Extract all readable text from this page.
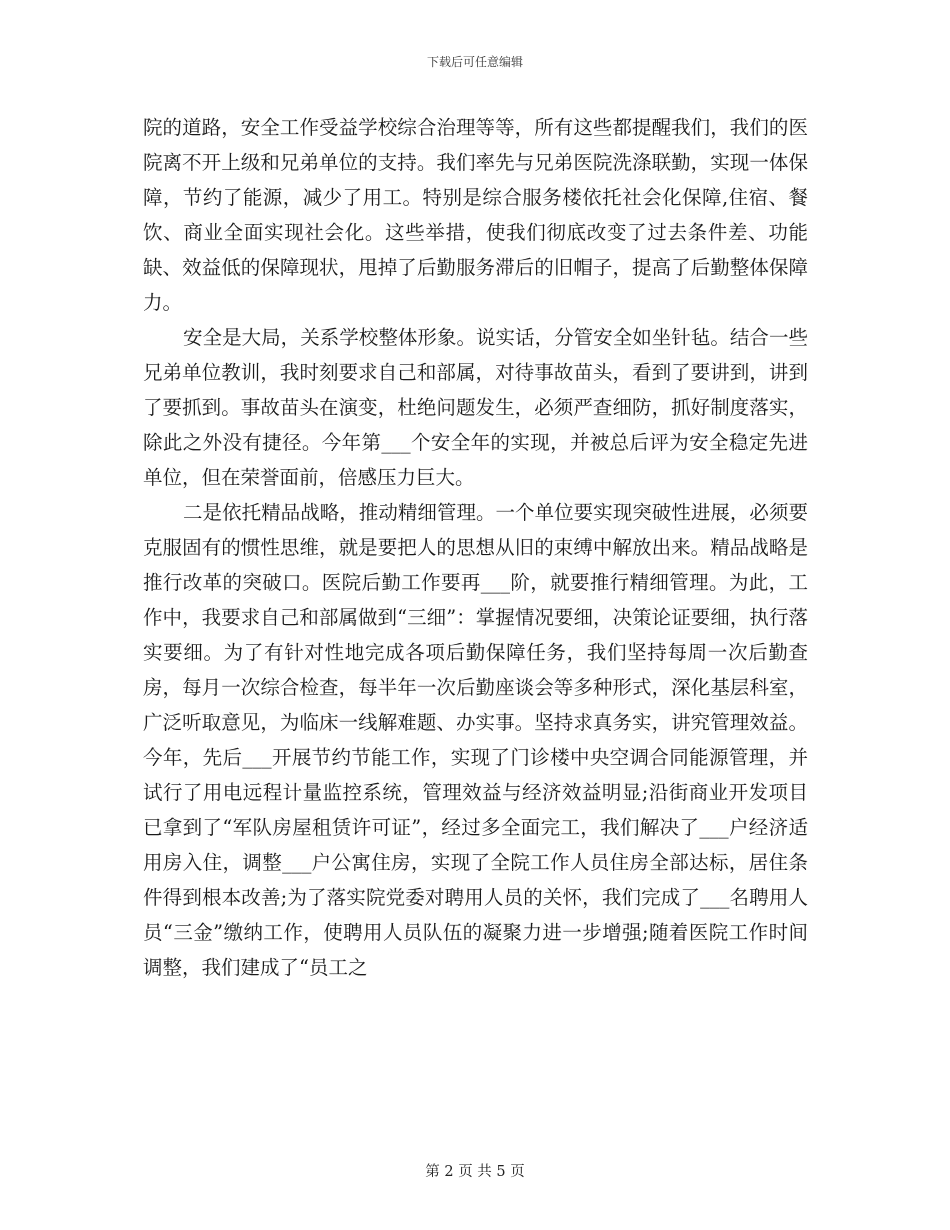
下载后可任意编辑

院的道路，安全工作受益学校综合治理等等，所有这些都提醒我们，我们的医院离不开上级和兄弟单位的支持。我们率先与兄弟医院洗涤联勤，实现一体保障，节约了能源，减少了用工。特别是综合服务楼依托社会化保障,住宿、餐饮、商业全面实现社会化。这些举措，使我们彻底改变了过去条件差、功能缺、效益低的保障现状，甩掉了后勤服务滞后的旧帽子，提高了后勤整体保障力。

安全是大局，关系学校整体形象。说实话，分管安全如坐针毡。结合一些兄弟单位教训，我时刻要求自己和部属，对待事故苗头，看到了要讲到，讲到了要抓到。事故苗头在演变，杜绝问题发生，必须严查细防，抓好制度落实，除此之外没有捷径。今年第___个安全年的实现，并被总后评为安全稳定先进单位，但在荣誉面前，倍感压力巨大。

二是依托精品战略，推动精细管理。一个单位要实现突破性进展，必须要克服固有的惯性思维，就是要把人的思想从旧的束缚中解放出来。精品战略是推行改革的突破口。医院后勤工作要再___阶，就要推行精细管理。为此，工作中，我要求自己和部属做到“三细”：掌握情况要细，决策论证要细，执行落实要细。为了有针对性地完成各项后勤保障任务，我们坚持每周一次后勤查房，每月一次综合检查，每半年一次后勤座谈会等多种形式，深化基层科室，广泛听取意见，为临床一线解难题、办实事。坚持求真务实，讲究管理效益。今年，先后___开展节约节能工作，实现了门诊楼中央空调合同能源管理，并试行了用电远程计量监控系统，管理效益与经济效益明显;沿街商业开发项目已拿到了“军队房屋租赁许可证”，经过多全面完工，我们解决了___户经济适用房入住，调整___户公寓住房，实现了全院工作人员住房全部达标，居住条件得到根本改善;为了落实院党委对聘用人员的关怀，我们完成了___名聘用人员“三金”缴纳工作，使聘用人员队伍的凝聚力进一步增强;随着医院工作时间调整，我们建成了“员工之

第 2 页 共 5 页
